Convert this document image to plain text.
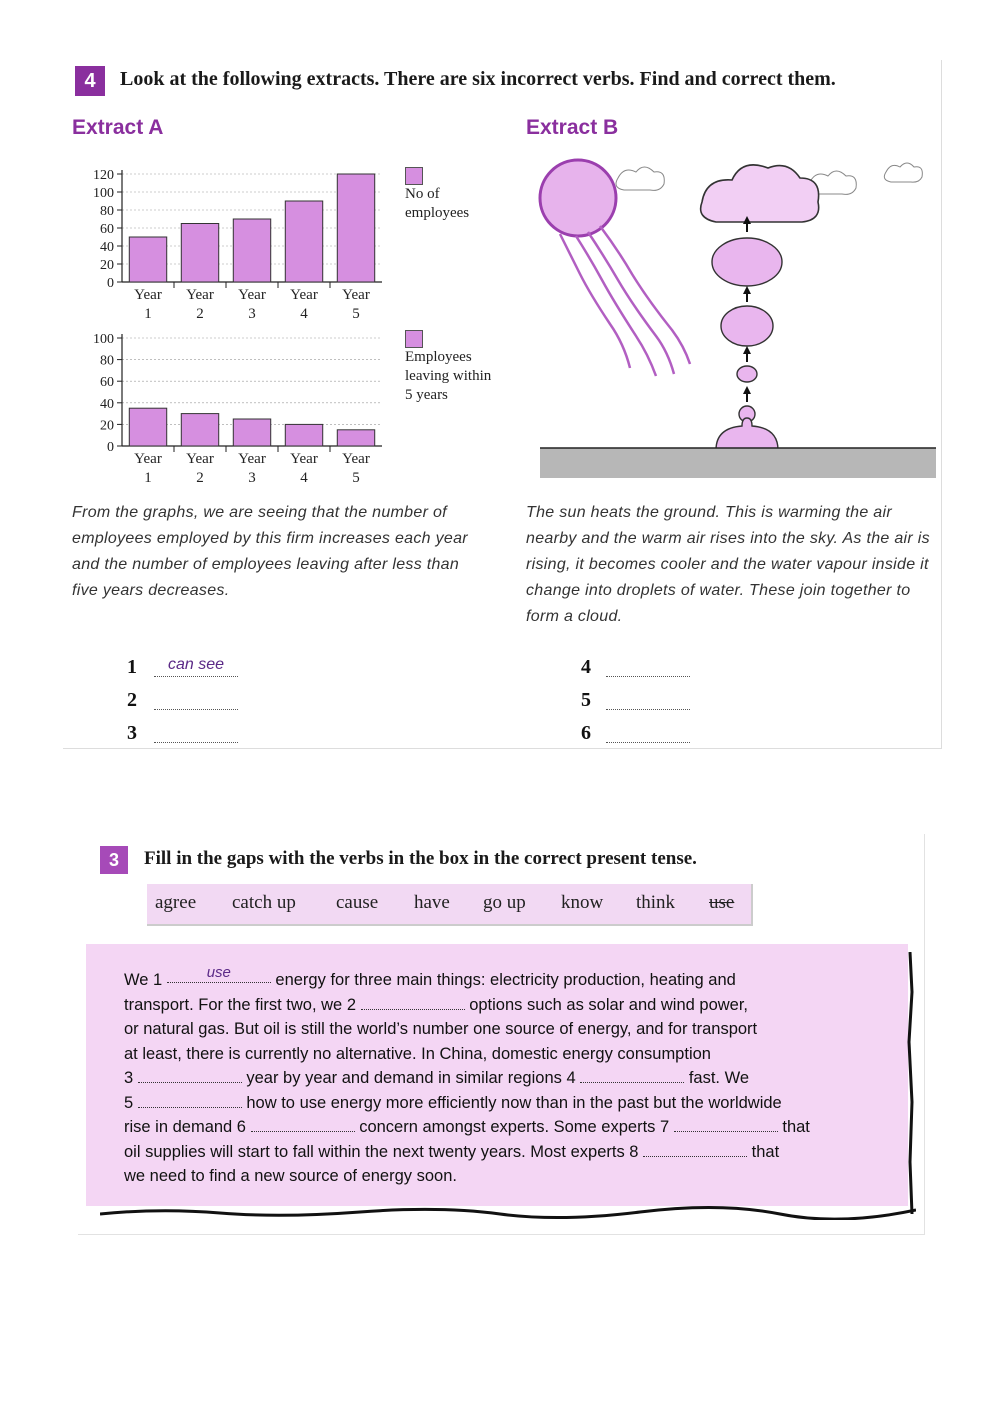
4	Look at the following extracts. There are six incorrect verbs. Find and correct them.
Extract A	Extract B
0
20
40
60
80
100
120
Year
1
Year
2
Year
3
Year
4
Year
5
No of employees
0
20
40
60
80
100
Year
1
Year
2
Year
3
Year
4
Year
5
Employees leaving within 5 years
From the graphs, we are seeing that the number of employees employed by this firm increases each year and the number of employees leaving after less than five years decreases.
The sun heats the ground. This is warming the air nearby and the warm air rises into the sky. As the air is rising, it becomes cooler and the water vapour inside it change into droplets of water. These join together to form a cloud.
1	can see
2
3
4
5
6
3	Fill in the gaps with the verbs in the box in the correct present tense.
agree catch up cause have go up know think use
We 1	use	energy for three main things: electricity production, heating and
transport. For the first two, we 2	options such as solar and wind power,
or natural gas. But oil is still the world’s number one source of energy, and for transport
at least, there is currently no alternative. In China, domestic energy consumption
3	year by year and demand in similar regions 4	fast. We
5	how to use energy more efficiently now than in the past but the worldwide
rise in demand 6	concern amongst experts. Some experts 7	that
oil supplies will start to fall within the next twenty years. Most experts 8	that
we need to find a new source of energy soon.
